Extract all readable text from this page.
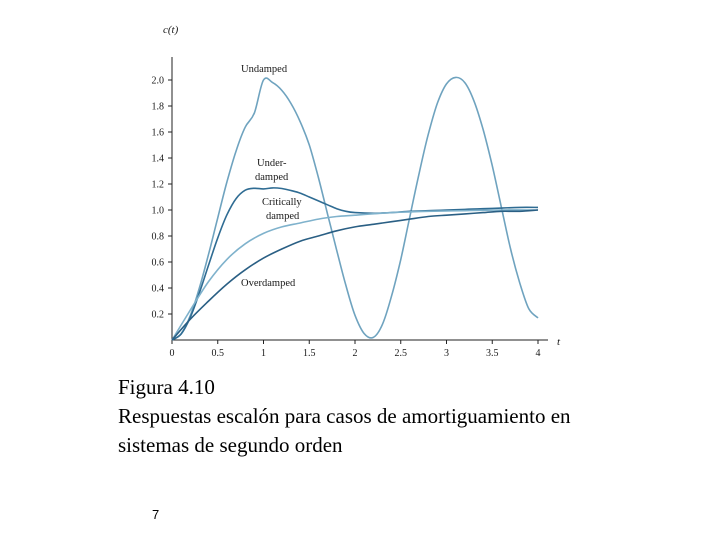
0.2
0.4
0.6
0.8
1.0
1.2
1.4
1.6
1.8
2.0
0	0.5	1	1.5	2	2.5	3	3.5	4
c(t)
t
Undamped
Under-
damped
Critically
damped
Overdamped
Figura 4.10
Respuestas escalón para casos de amortiguamiento en
sistemas de segundo orden
7
